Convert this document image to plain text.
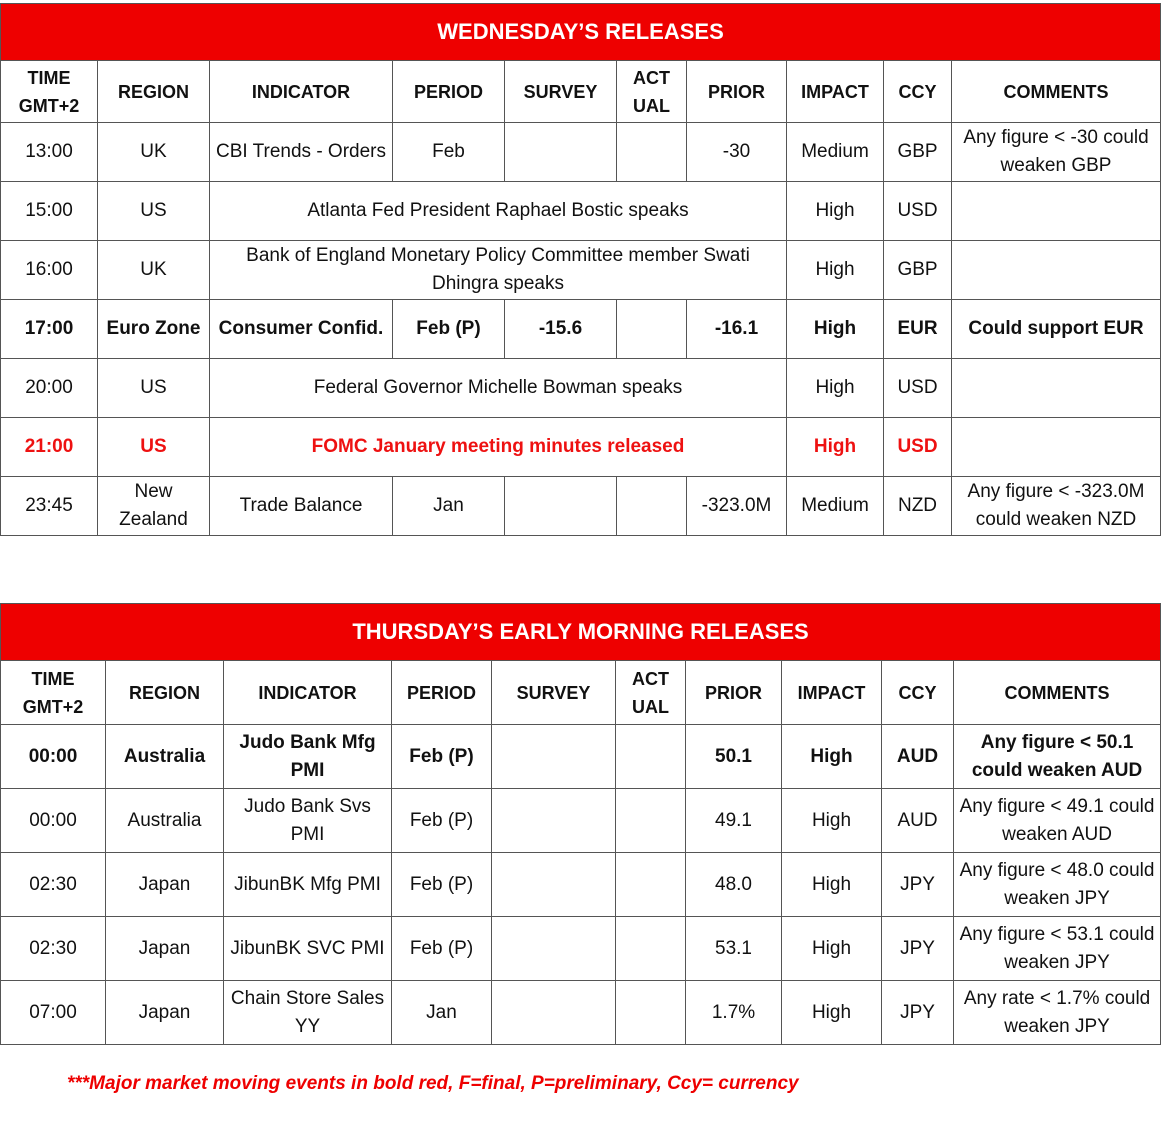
WEDNESDAY’S RELEASES									
TIME GMT+2	REGION	INDICATOR	PERIOD	SURVEY	ACT UAL	PRIOR	IMPACT	CCY	COMMENTS
13:00	UK	CBI Trends - Orders	Feb			-30	Medium	GBP	Any figure < -30 could weaken GBP
15:00	US	Atlanta Fed President Raphael Bostic speaks					High	USD	
16:00	UK	Bank of England Monetary Policy Committee member Swati Dhingra speaks					High	GBP	
17:00	Euro Zone	Consumer Confid.	Feb (P)	-15.6		-16.1	High	EUR	Could support EUR
20:00	US	Federal Governor Michelle Bowman speaks					High	USD	
21:00	US	FOMC January meeting minutes released					High	USD	
23:45	New Zealand	Trade Balance	Jan			-323.0M	Medium	NZD	Any figure < -323.0M could weaken NZD
THURSDAY’S EARLY MORNING RELEASES									
TIME GMT+2	REGION	INDICATOR	PERIOD	SURVEY	ACT UAL	PRIOR	IMPACT	CCY	COMMENTS
00:00	Australia	Judo Bank Mfg PMI	Feb (P)			50.1	High	AUD	Any figure < 50.1 could weaken AUD
00:00	Australia	Judo Bank Svs PMI	Feb (P)			49.1	High	AUD	Any figure < 49.1 could weaken AUD
02:30	Japan	JibunBK Mfg PMI	Feb (P)			48.0	High	JPY	Any figure < 48.0 could weaken JPY
02:30	Japan	JibunBK SVC PMI	Feb (P)			53.1	High	JPY	Any figure < 53.1 could weaken JPY
07:00	Japan	Chain Store Sales YY	Jan			1.7%	High	JPY	Any rate < 1.7% could weaken JPY
***Major market moving events in bold red, F=final, P=preliminary, Ccy= currency
